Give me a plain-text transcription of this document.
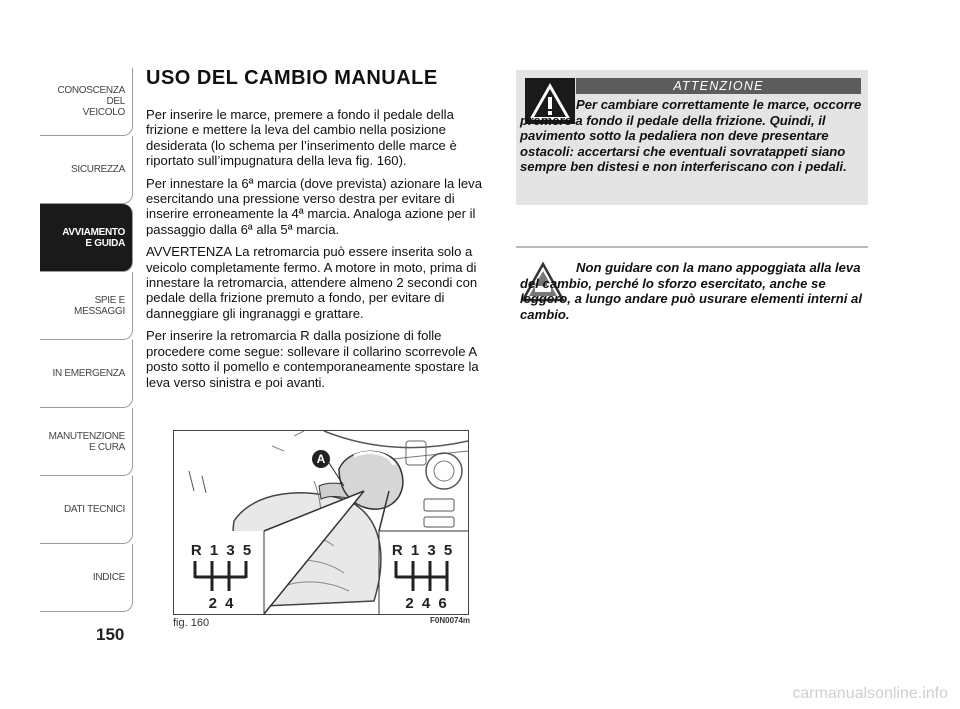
CONOSCENZA
DEL
VEICOLO
SICUREZZA
AVVIAMENTO
E GUIDA
SPIE E
MESSAGGI
IN EMERGENZA
MANUTENZIONE
E CURA
DATI TECNICI
INDICE
150
USO DEL CAMBIO MANUALE

Per inserire le marce, premere a fondo il pedale della frizione e mettere la leva del cambio nella posizione desiderata (lo schema per l’inserimento delle marce è riportato sull’impugnatura della leva fig. 160).

Per innestare la 6ª marcia (dove prevista) azionare la leva esercitando una pressione verso destra per evitare di inserire erroneamente la 4ª marcia. Analoga azione per il passaggio dalla 6ª alla 5ª marcia.

AVVERTENZA La retromarcia può essere inserita solo a veicolo completamente fermo. A motore in moto, prima di innestare la retromarcia, attendere almeno 2 secondi con pedale della frizione premuto a fondo, per evitare di danneggiare gli ingranaggi e grattare.

Per inserire la retromarcia R dalla posizione di folle procedere come segue: sollevare il collarino scorrevole A posto sotto il pomello e contemporaneamente spostare la leva verso sinistra e poi avanti.

ATTENZIONE
Per cambiare correttamente le marce, occorre premere a fondo il pedale della frizione. Quindi, il pavimento sotto la pedaliera non deve presentare ostacoli: accertarsi che eventuali sovratappeti siano sempre ben distesi e non interferiscano con i pedali.
Non guidare con la mano appoggiata alla leva del cambio, perché lo sforzo esercitato, anche se leggero, a lungo andare può usurare elementi interni al cambio.
A
R 1 3 5
2 4
R 1 3 5
2 4 6
fig. 160	F0N0074m
carmanualsonline.info
